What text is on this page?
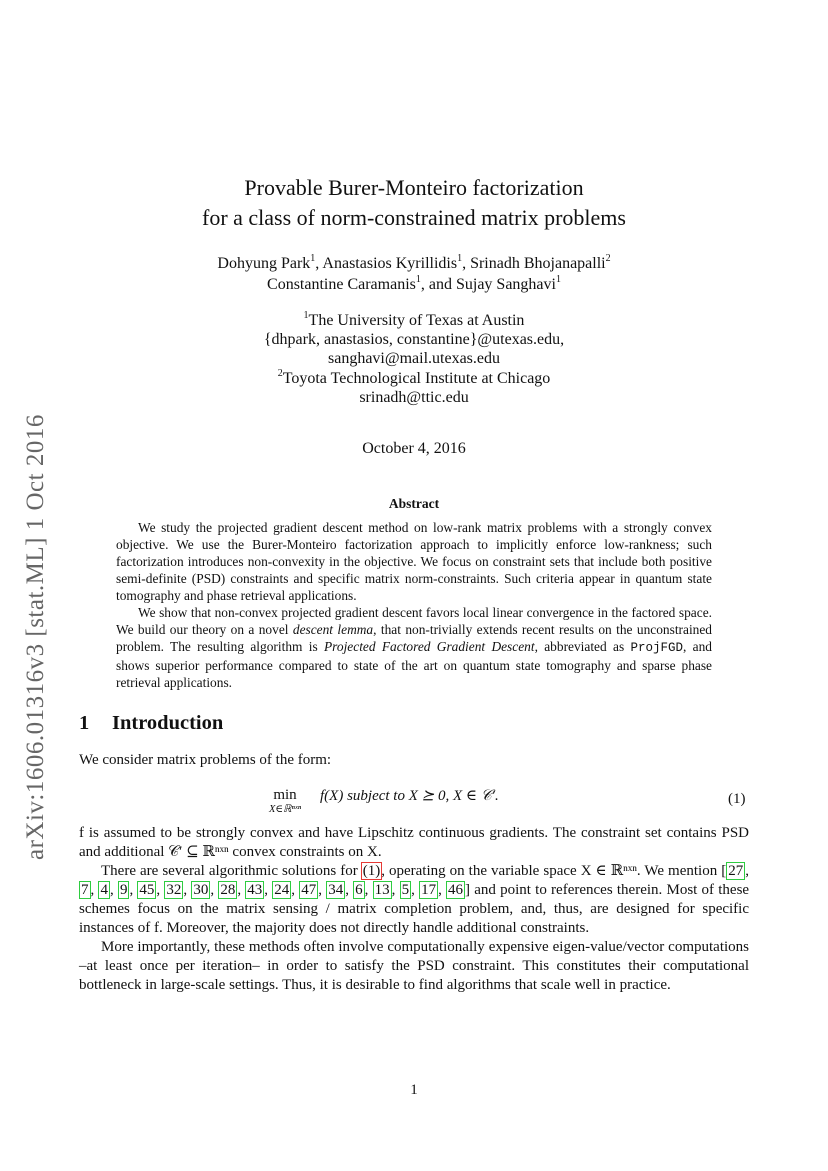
arXiv:1606.01316v3 [stat.ML] 1 Oct 2016
Provable Burer-Monteiro factorization
for a class of norm-constrained matrix problems
Dohyung Park$^1$, Anastasios Kyrillidis$^1$, Srinadh Bhojanapalli$^2$
Constantine Caramanis$^1$, and Sujay Sanghavi$^1$
$^1$The University of Texas at Austin
{dhpark, anastasios, constantine}@utexas.edu,
sanghavi@mail.utexas.edu
$^2$Toyota Technological Institute at Chicago
srinadh@ttic.edu
October 4, 2016
Abstract

We study the projected gradient descent method on low-rank matrix problems with a strongly convex objective. We use the Burer-Monteiro factorization approach to implicitly enforce low-rankness; such factorization introduces non-convexity in the objective. We focus on constraint sets that include both positive semi-definite (PSD) constraints and specific matrix norm-constraints. Such criteria appear in quantum state tomography and phase retrieval applications.

We show that non-convex projected gradient descent favors local linear convergence in the factored space. We build our theory on a novel descent lemma, that non-trivially extends recent results on the unconstrained problem. The resulting algorithm is Projected Factored Gradient Descent, abbreviated as ProjFGD, and shows superior performance compared to state of the art on quantum state tomography and sparse phase retrieval applications.

1 Introduction
We consider matrix problems of the form:
min
X∈ℝⁿˣⁿ
f(X) subject to X ⪰ 0, X ∈ 𝒞′.	(1)

f is assumed to be strongly convex and have Lipschitz continuous gradients. The constraint set contains PSD and additional 𝒞′ ⊆ ℝⁿˣⁿ convex constraints on X.

There are several algorithmic solutions for (1), operating on the variable space X ∈ ℝⁿˣⁿ. We mention [ 27 , 7 , 4 , 9 , 45 , 32 , 30 , 28 , 43 , 24 , 47 , 34 , 6 , 13 , 5 , 17 , 46 ] and point to references therein. Most of these schemes focus on the matrix sensing / matrix completion problem, and, thus, are designed for specific instances of f. Moreover, the majority does not directly handle additional constraints.

More importantly, these methods often involve computationally expensive eigen-value/vector computations –at least once per iteration– in order to satisfy the PSD constraint. This constitutes their computational bottleneck in large-scale settings. Thus, it is desirable to find algorithms that scale well in practice.

1
